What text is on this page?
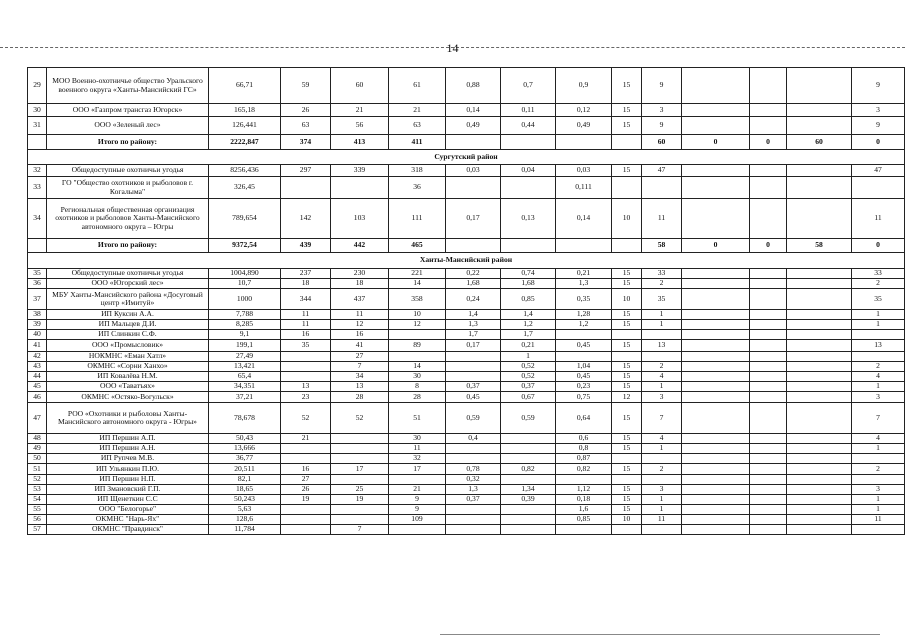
14
29	МОО Военно-охотничье общество Уральского военного округа «Ханты-Мансийский ГС»	66,71	59	60	61	0,88	0,7	0,9	15	9				9
30	ООО «Газпром трансгаз Югорск»	165,18	26	21	21	0,14	0,11	0,12	15	3				3
31	ООО «Зеленый лес»	126,441	63	56	63	0,49	0,44	0,49	15	9				9
	Итого по району:	2222,847	374	413	411					60	0	0	60	0
Сургутский район														
32	Общедоступные охотничьи угодья	8256,436	297	339	318	0,03	0,04	0,03	15	47				47
33	ГО "Общество охотников и рыболовов г. Когалыма"	326,45			36			0,111						
34	Региональная общественная организация охотников и рыболовов Ханты-Мансийского автономного округа – Югры	789,654	142	103	111	0,17	0,13	0,14	10	11				11
	Итого по району:	9372,54	439	442	465					58	0	0	58	0
Ханты-Мансийский район														
35	Общедоступные охотничьи угодья	1004,890	237	230	221	0,22	0,74	0,21	15	33				33
36	ООО «Югорский лес»	10,7	18	18	14	1,68	1,68	1,3	15	2				2
37	МБУ Ханты-Мансийского района «Досуговый центр «Имитуй»	1000	344	437	358	0,24	0,85	0,35	10	35				35
38	ИП Куксин А.А.	7,788	11	11	10	1,4	1,4	1,28	15	1				1
39	ИП Мальцев Д.И.	8,285	11	12	12	1,3	1,2	1,2	15	1				1
40	ИП Слинкин С.Ф.	9,1	16	16		1,7	1,7							
41	ООО «Промысловик»	199,1	35	41	89	0,17	0,21	0,45	15	13				13
42	НОКМНС «Еман Хатл»	27,49		27			1							
43	ОКМНС «Сорни Ханхо»	13,421		7	14		0,52	1,04	15	2				2
44	ИП Ковалёва Н.М.	65,4		34	30		0,52	0,45	15	4				4
45	ООО «Таватъях»	34,351	13	13	8	0,37	0,37	0,23	15	1				1
46	ОКМНС «Остяко-Вогульск»	37,21	23	28	28	0,45	0,67	0,75	12	3				3
47	РОО «Охотники и рыболовы Ханты-Мансийского автономного округа - Югры»	78,678	52	52	51	0,59	0,59	0,64	15	7				7
48	ИП Першин А.П.	50,43	21		30	0,4		0,6	15	4				4
49	ИП Першин А.Н.	13,666			11			0,8	15	1				1
50	ИП Рупчев М.В.	36,77			32			0,87						
51	ИП Ульянкин П.Ю.	20,511	16	17	17	0,78	0,82	0,82	15	2				2
52	ИП Першин Н.П.	82,1	27			0,32								
53	ИП Змановский Г.П.	18,65	26	25	21	1,3	1,34	1,12	15	3				3
54	ИП Щенеткин С.С	50,243	19	19	9	0,37	0,39	0,18	15	1				1
55	ООО "Белогорье"	5,63			9			1,6	15	1				1
56	ОКМНС "Нарь-Ях"	128,6			109			0,85	10	11				11
57	ОКМНС "Правдинск"	11,784		7										
